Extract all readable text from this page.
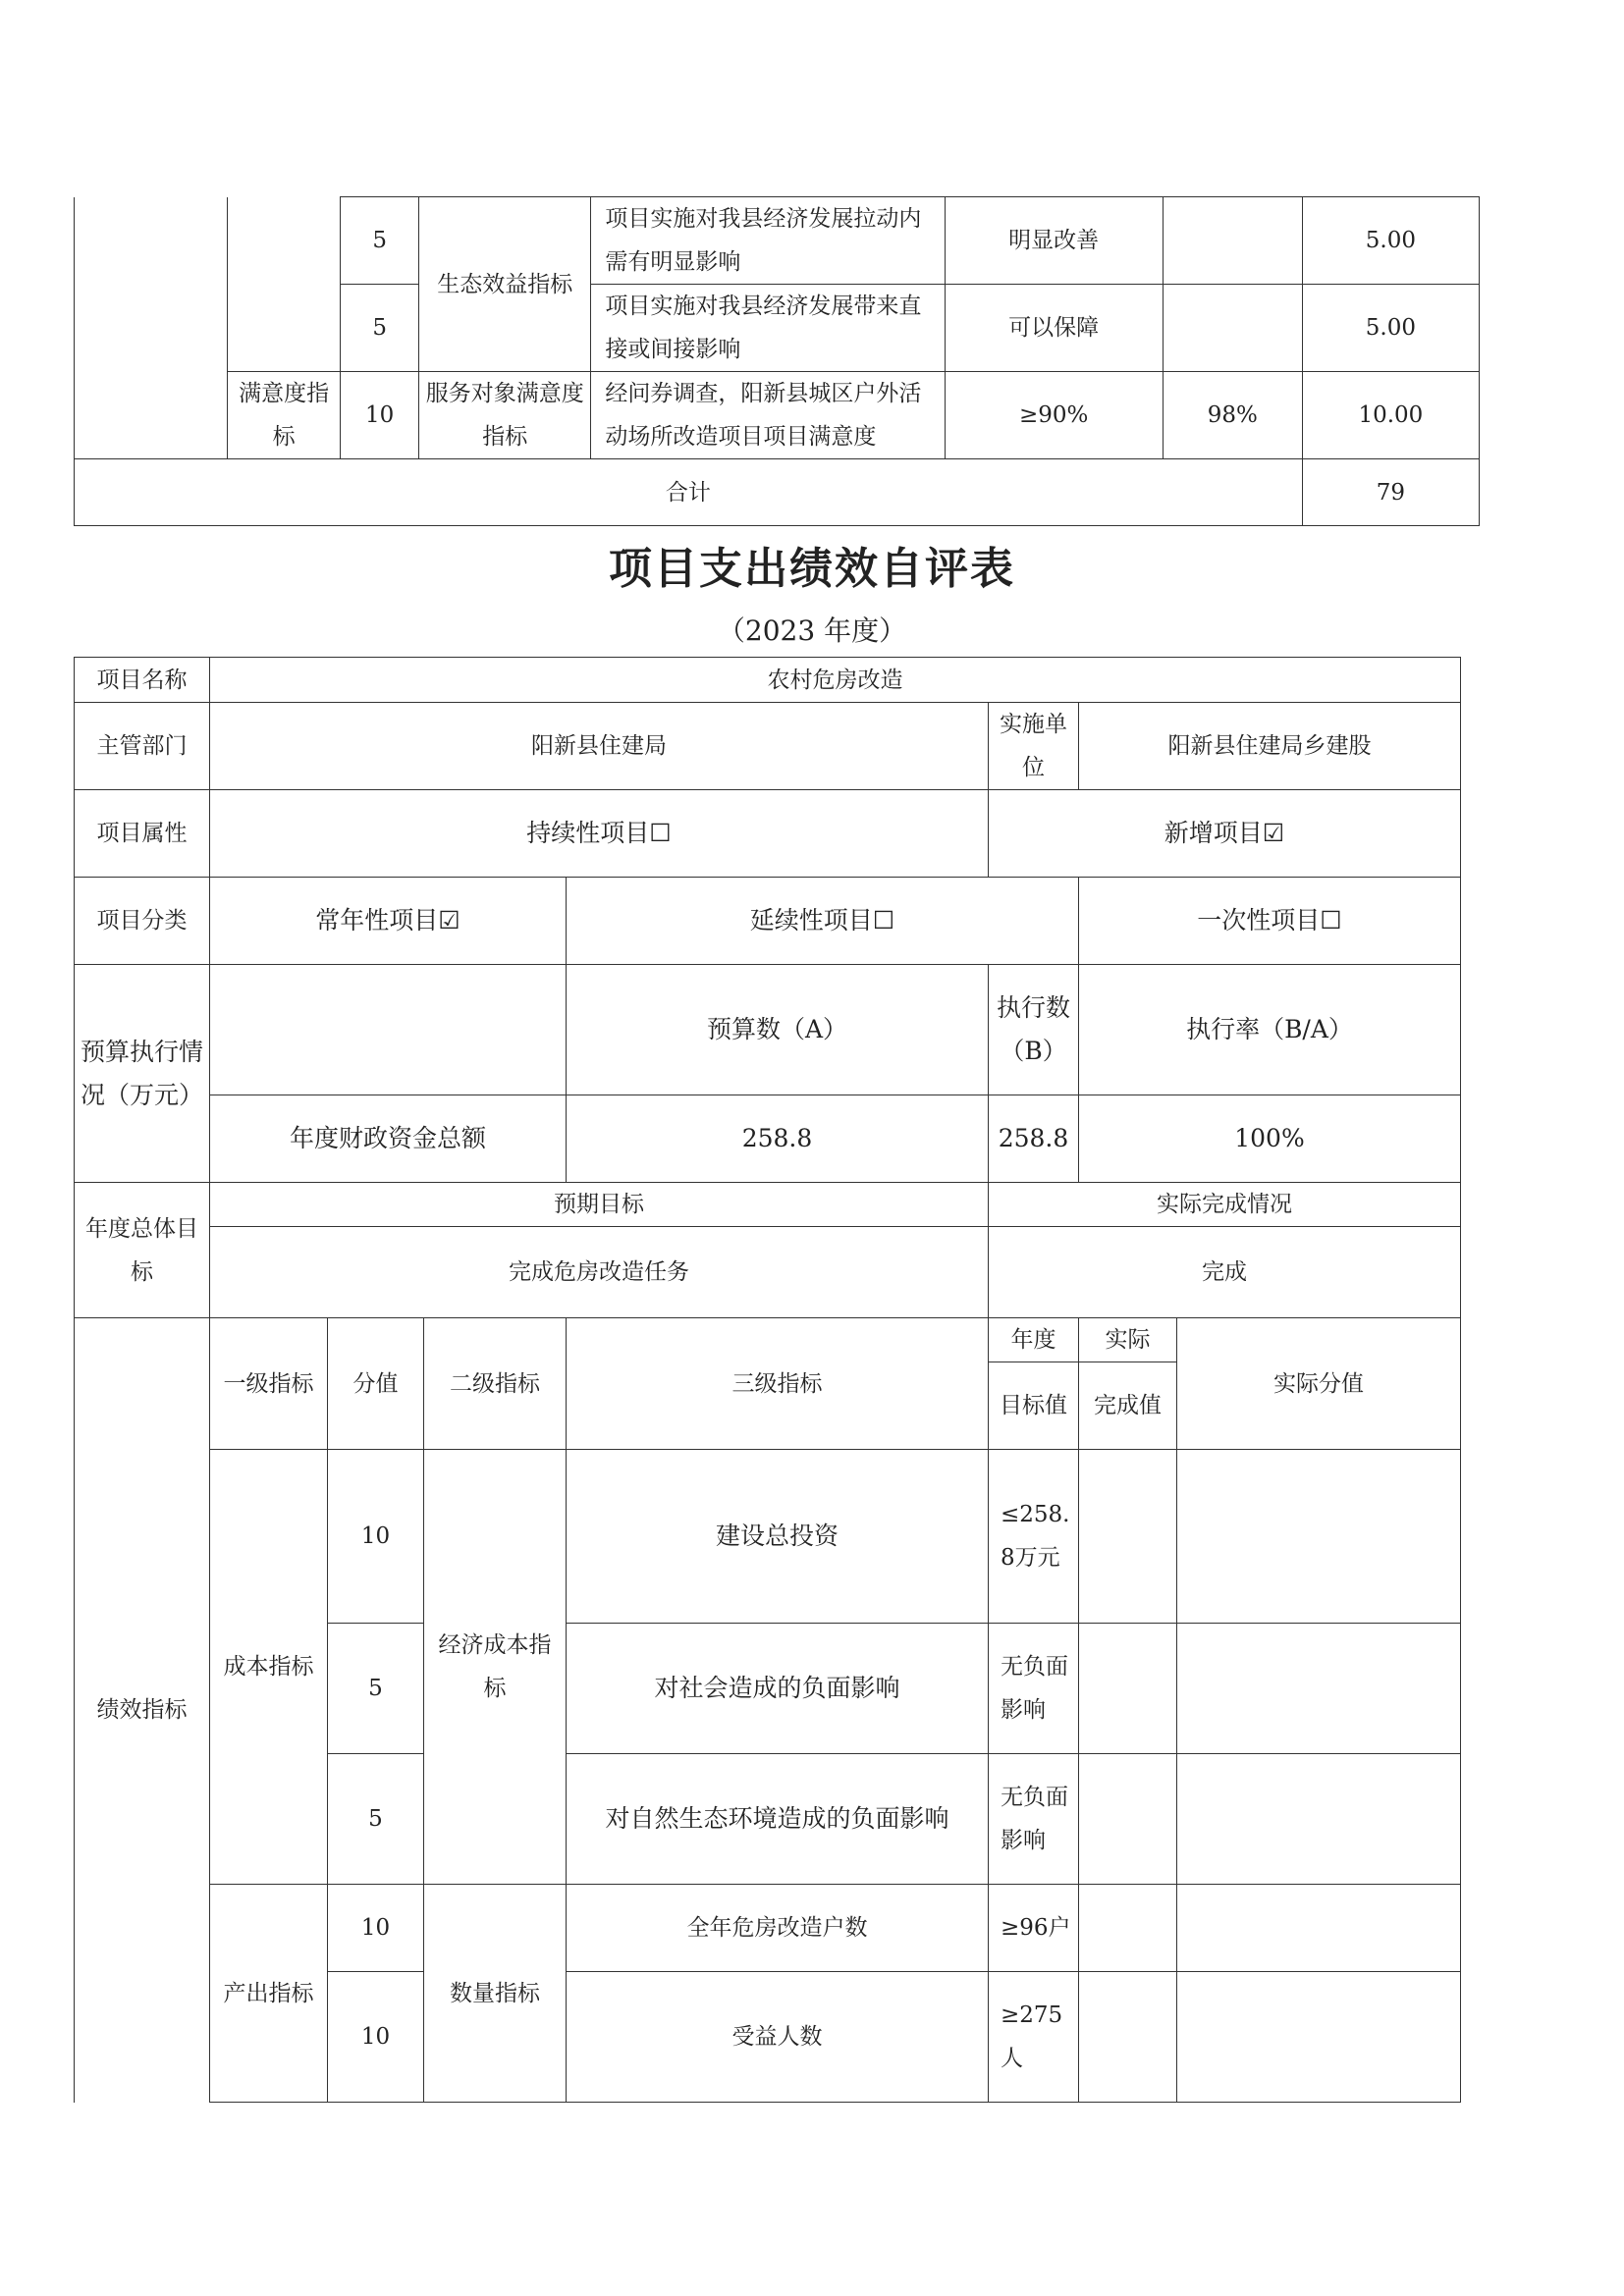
		5	生态效益指标	项目实施对我县经济发展拉动内需有明显影响	明显改善		5.00
		5		项目实施对我县经济发展带来直接或间接影响	可以保障		5.00
	满意度指标	10	服务对象满意度指标	经问券调查，阳新县城区户外活动场所改造项目项目满意度	≥90%	98%	10.00
合计							79
项目支出绩效自评表
（2023 年度）
项目名称	农村危房改造						
主管部门	阳新县住建局				实施单位	阳新县住建局乡建股	
项目属性	持续性项目☐				新增项目☑		
项目分类	常年性项目☑			延续性项目☐		一次性项目☐	
预算执行情况（万元）				预算数（A）	执行数（B）	执行率（B/A）	
	年度财政资金总额			258.8	258.8	100%	
年度总体目标	预期目标				实际完成情况		
	完成危房改造任务				完成		
绩效指标	一级指标	分值	二级指标	三级指标	年度	实际	实际分值
					目标值	完成值	
	成本指标	10	经济成本指标	建设总投资	≤258.8万元		
		5		对社会造成的负面影响	无负面影响		
		5		对自然生态环境造成的负面影响	无负面影响		
	产出指标	10	数量指标	全年危房改造户数	≥96户		
		10		受益人数	≥275人		
